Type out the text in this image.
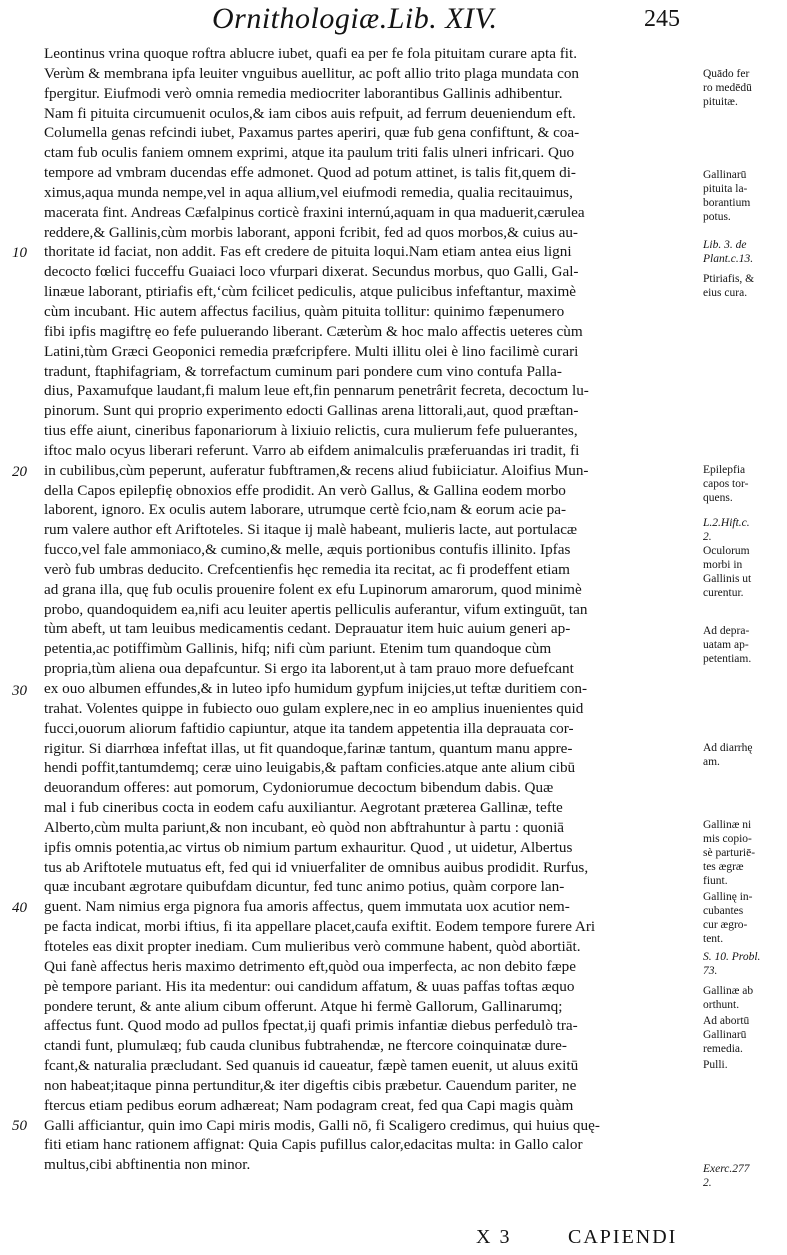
Ornithologiæ.Lib. XIV.	245
10
20
30
40
50
Leontinus vrina quoque roftra ablucre iubet, quafi ea per fe fola pituitam curare apta fit.
Verùm & membrana ipfa leuiter vnguibus auellitur, ac poft allio trito plaga mundata con
fpergitur. Eiufmodi verò omnia remedia mediocriter laborantibus Gallinis adhibentur.
Nam fi pituita circumuenit oculos,& iam cibos auis refpuit, ad ferrum deueniendum eft.
Columella genas refcindi iubet, Paxamus partes aperiri, quæ fub gena confiftunt, & coa-
ctam fub oculis faniem omnem exprimi, atque ita paulum triti falis ulneri infricari. Quo
tempore ad vmbram ducendas effe admonet. Quod ad potum attinet, is talis fit,quem di-
ximus,aqua munda nempe,vel in aqua allium,vel eiufmodi remedia, qualia recitauimus,
macerata fint. Andreas Cæfalpinus corticè fraxini internú,aquam in qua maduerit,cærulea
reddere,& Gallinis,cùm morbis laborant, apponi fcribit, fed ad quos morbos,& cuius au-
thoritate id faciat, non addit. Fas eft credere de pituita loqui.Nam etiam antea eius ligni
decocto fœlici fucceffu Guaiaci loco vfurpari dixerat. Secundus morbus, quo Galli, Gal-
linæue laborant, ptiriafis eft,‘cùm fcilicet pediculis, atque pulicibus infeftantur, maximè
cùm incubant. Hic autem affectus facilius, quàm pituita tollitur: quinimo fæpenumero
fibi ipfis magiftrę eo fefe puluerando liberant. Cæterùm & hoc malo affectis ueteres cùm
Latini,tùm Græci Geoponici remedia præfcripfere. Multi illitu olei è lino facilimè curari
tradunt, ftaphifagriam, & torrefactum cuminum pari pondere cum vino contufa Palla-
dius, Paxamufque laudant,fi malum leue eft,fin pennarum penetrârit fecreta, decoctum lu-
pinorum. Sunt qui proprio experimento edocti Gallinas arena littorali,aut, quod præftan-
tius effe aiunt, cineribus faponariorum à lixiuio relictis, cura mulierum fefe puluerantes,
iftoc malo ocyus liberari referunt. Varro ab eifdem animalculis præferuandas iri tradit, fi
in cubilibus,cùm peperunt, auferatur fubftramen,& recens aliud fubiiciatur. Aloifius Mun-
della Capos epilepfię obnoxios effe prodidit. An verò Gallus, & Gallina eodem morbo
laborent, ignoro. Ex oculis autem laborare, utrumque certè fcio,nam & eorum acie pa-
rum valere author eft Ariftoteles. Si itaque ij malè habeant, mulieris lacte, aut portulacæ
fucco,vel fale ammoniaco,& cumino,& melle, æquis portionibus contufis illinito. Ipfas
verò fub umbras deducito. Crefcentienfis hęc remedia ita recitat, ac fi prodeffent etiam
ad grana illa, quę fub oculis prouenire folent ex efu Lupinorum amarorum, quod minimè
probo, quandoquidem ea,nifi acu leuiter apertis pelliculis auferantur, vifum extinguūt, tan
tùm abeft, ut tam leuibus medicamentis cedant. Deprauatur item huic auium generi ap-
petentia,ac potiffimùm Gallinis, hifq; nifi cùm pariunt. Etenim tum quandoque cùm
propria,tùm aliena oua depafcuntur. Si ergo ita laborent,ut à tam prauo more defuefcant
ex ouo albumen effundes,& in luteo ipfo humidum gypfum inijcies,ut teftæ duritiem con-
trahat. Volentes quippe in fubiecto ouo gulam explere,nec in eo amplius inuenientes quid
fucci,ouorum aliorum faftidio capiuntur, atque ita tandem appetentia illa deprauata cor-
rigitur. Si diarrhœa infeftat illas, ut fit quandoque,farinæ tantum, quantum manu appre-
hendi poffit,tantumdemq; ceræ uino leuigabis,& paftam conficies.atque ante alium cibū
deuorandum offeres: aut pomorum, Cydoniorumue decoctum bibendum dabis. Quæ
mal i fub cineribus cocta in eodem cafu auxiliantur. Aegrotant præterea Gallinæ, tefte
Alberto,cùm multa pariunt,& non incubant, eò quòd non abftrahuntur à partu : quoniā
ipfis omnis potentia,ac virtus ob nimium partum exhauritur. Quod , ut uidetur, Albertus
tus ab Ariftotele mutuatus eft, fed qui id vniuerfaliter de omnibus auibus prodidit. Rurfus,
quæ incubant ægrotare quibufdam dicuntur, fed tunc animo potius, quàm corpore lan-
guent. Nam nimius erga pignora fua amoris affectus, quem immutata uox acutior nem-
pe facta indicat, morbi iftius, fi ita appellare placet,caufa exiftit. Eodem tempore furere Ari
ftoteles eas dixit propter inediam. Cum mulieribus verò commune habent, quòd abortiāt.
Qui fanè affectus heris maximo detrimento eft,quòd oua imperfecta, ac non debito fæpe
pè tempore pariant. His ita medentur: oui candidum affatum, & uuas paffas toftas æquo
pondere terunt, & ante alium cibum offerunt. Atque hi fermè Gallorum, Gallinarumq;
affectus funt. Quod modo ad pullos fpectat,ij quafi primis infantiæ diebus perfedulò tra-
ctandi funt, plumulæq; fub cauda clunibus fubtrahendæ, ne ftercore coinquinatæ dure-
fcant,& naturalia præcludant. Sed quanuis id caueatur, fæpè tamen euenit, ut aluus exitū
non habeat;itaque pinna pertunditur,& iter digeftis cibis præbetur. Cauendum pariter, ne
ftercus etiam pedibus eorum adhæreat; Nam podagram creat, fed qua Capi magis quàm
Galli afficiantur, quin imo Capi miris modis, Galli nō, fi Scaligero credimus, qui huius quę-
fiti etiam hanc rationem affignat: Quia Capis pufillus calor,edacitas multa: in Gallo calor
multus,cibi abftinentia non minor.
Quādo fer
ro medēdū
pituitæ.
Gallinarū
pituita la-
borantium
potus.
Lib. 3. de
Plant.c.13.
Ptiriafis, &
eius cura.
Epilepfia
capos tor-
quens.
L.2.Hift.c.
2.
Oculorum
morbi in
Gallinis ut
curentur.
Ad depra-
uatam ap-
petentiam.
Ad diarrhę
am.
Gallinæ ni
mis copio-
sè parturiē-
tes ægræ
fiunt.
Gallinę in-
cubantes
cur ægro-
tent.
S. 10. Probl.
73.
Gallinæ ab
orthunt.
Ad abortū
Gallinarū
remedia.
Pulli.
Exerc.277
2.
X 3	CAPIENDI
